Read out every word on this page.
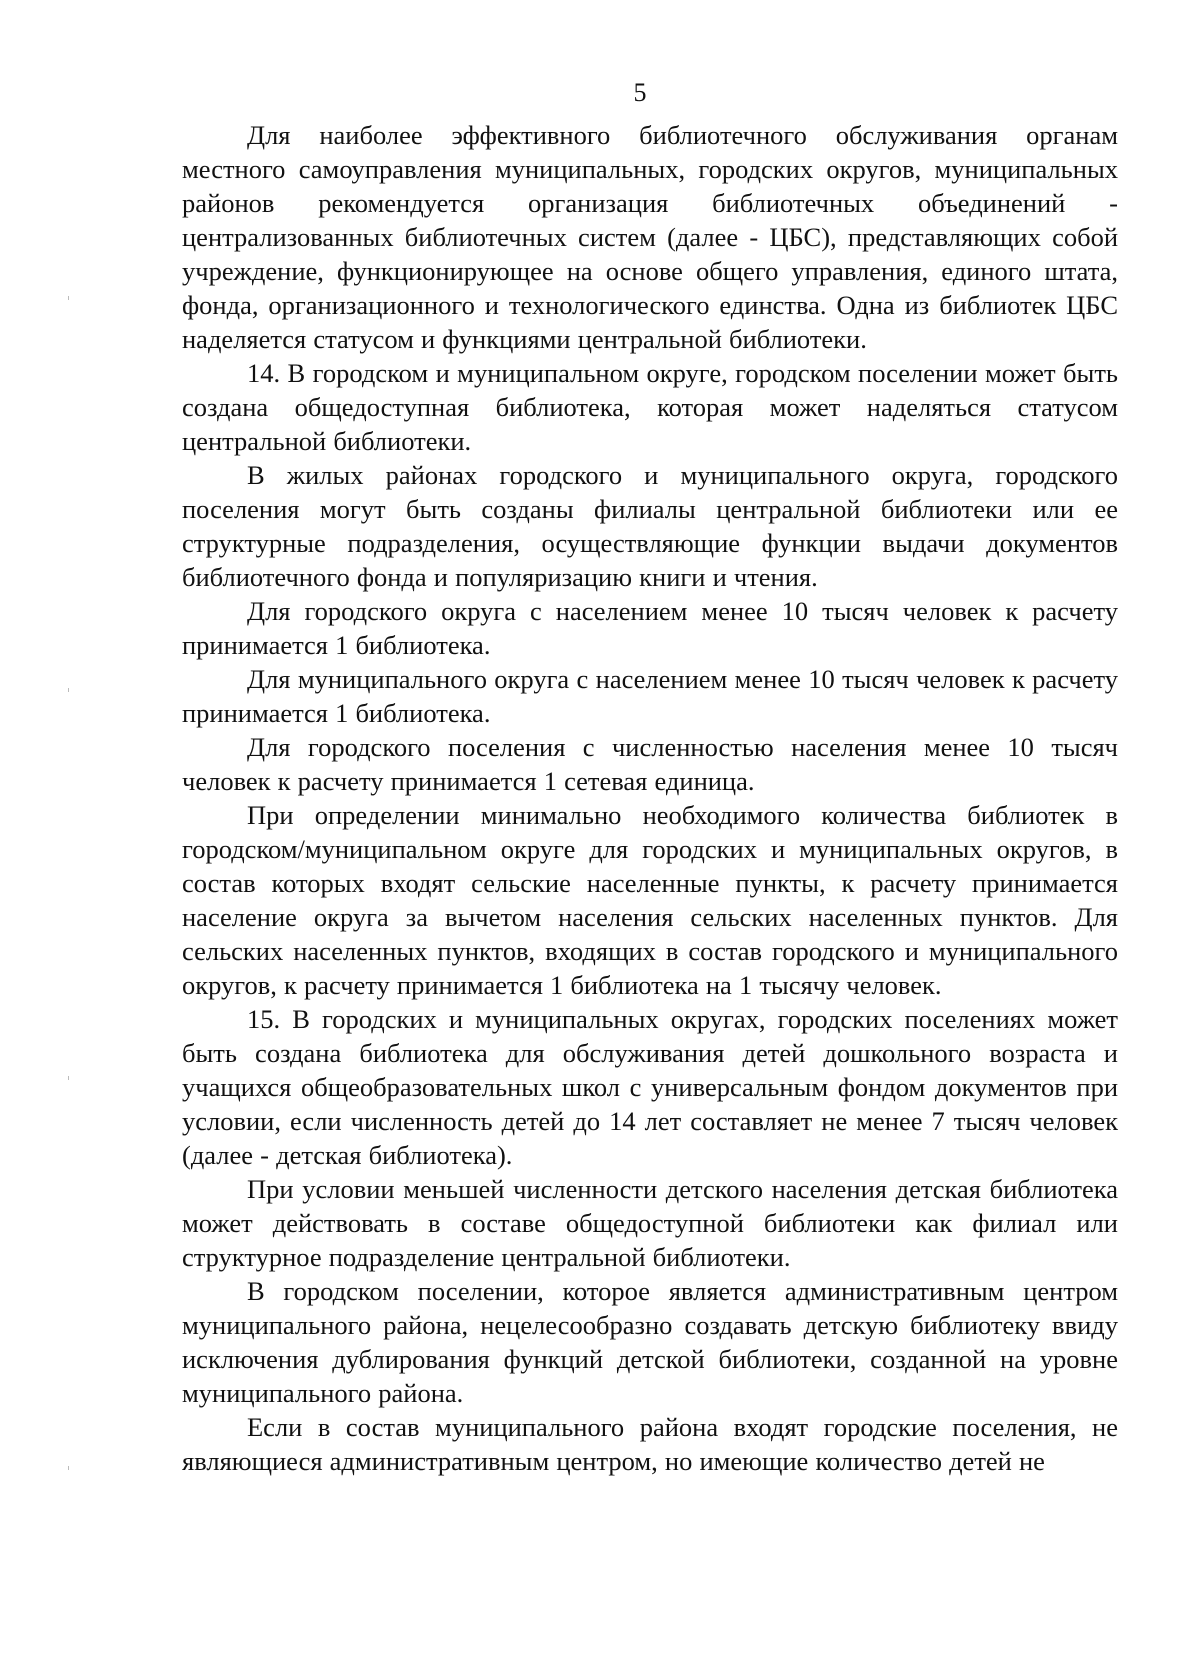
5

Для наиболее эффективного библиотечного обслуживания органам местного самоуправления муниципальных, городских округов, муниципальных районов рекомендуется организация библиотечных объединений - централизованных библиотечных систем (далее - ЦБС), представляющих собой учреждение, функционирующее на основе общего управления, единого штата, фонда, организационного и технологического единства. Одна из библиотек ЦБС наделяется статусом и функциями центральной библиотеки.

14. В городском и муниципальном округе, городском поселении может быть создана общедоступная библиотека, которая может наделяться статусом центральной библиотеки.

В жилых районах городского и муниципального округа, городского поселения могут быть созданы филиалы центральной библиотеки или ее структурные подразделения, осуществляющие функции выдачи документов библиотечного фонда и популяризацию книги и чтения.

Для городского округа с населением менее 10 тысяч человек к расчету принимается 1 библиотека.

Для муниципального округа с населением менее 10 тысяч человек к расчету принимается 1 библиотека.

Для городского поселения с численностью населения менее 10 тысяч человек к расчету принимается 1 сетевая единица.

При определении минимально необходимого количества библиотек в городском/муниципальном округе для городских и муниципальных округов, в состав которых входят сельские населенные пункты, к расчету принимается население округа за вычетом населения сельских населенных пунктов. Для сельских населенных пунктов, входящих в состав городского и муниципального округов, к расчету принимается 1 библиотека на 1 тысячу человек.

15. В городских и муниципальных округах, городских поселениях может быть создана библиотека для обслуживания детей дошкольного возраста и учащихся общеобразовательных школ с универсальным фондом документов при условии, если численность детей до 14 лет составляет не менее 7 тысяч человек (далее - детская библиотека).

При условии меньшей численности детского населения детская библиотека может действовать в составе общедоступной библиотеки как филиал или структурное подразделение центральной библиотеки.

В городском поселении, которое является административным центром муниципального района, нецелесообразно создавать детскую библиотеку ввиду исключения дублирования функций детской библиотеки, созданной на уровне муниципального района.

Если в состав муниципального района входят городские поселения, не являющиеся административным центром, но имеющие количество детей не
